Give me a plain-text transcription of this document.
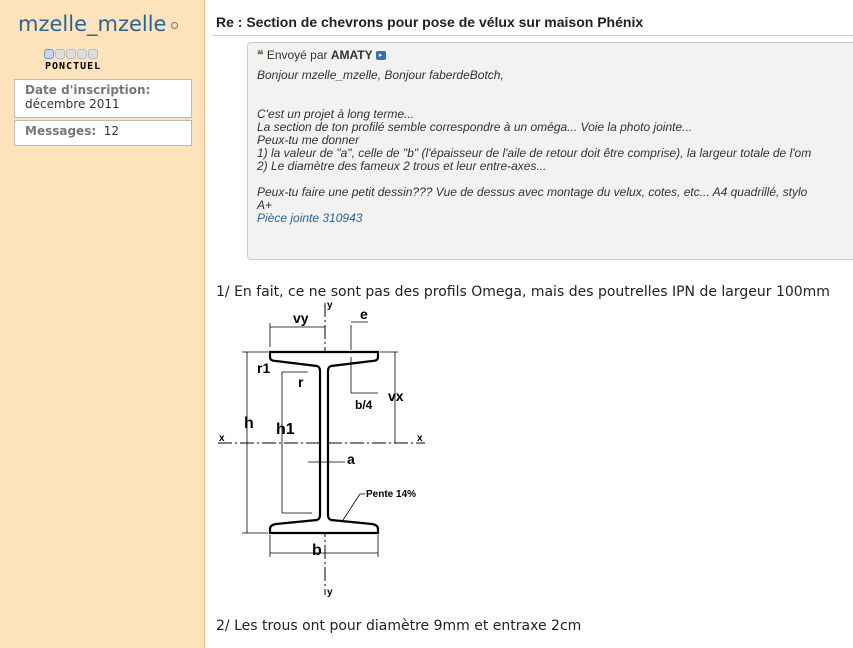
mzelle_mzelle
PONCTUEL
Date d'inscription:
décembre 2011
Messages: 12
Re : Section de chevrons pour pose de vélux sur maison Phénix
❝ Envoyé par AMATY ▸
Bonjour mzelle_mzelle, Bonjour faberdeBotch,
C'est un projet à long terme...
La section de ton profilé semble correspondre à un oméga... Voie la photo jointe...
Peux-tu me donner
1) la valeur de "a", celle de "b" (l'épaisseur de l'aile de retour doit être comprise), la largeur totale de l'om
2) Le diamètre des fameux 2 trous et leur entre-axes...
Peux-tu faire une petit dessin??? Vue de dessus avec montage du velux, cotes, etc... A4 quadrillé, stylo
A+
Pièce jointe 310943
1/ En fait, ce ne sont pas des profils Omega, mais des poutrelles IPN de largeur 100mm
vy	e
r1
r
b/4
vx
h h1
x	x
y
y
a
Pente 14%
b
2/ Les trous ont pour diamètre 9mm et entraxe 2cm
